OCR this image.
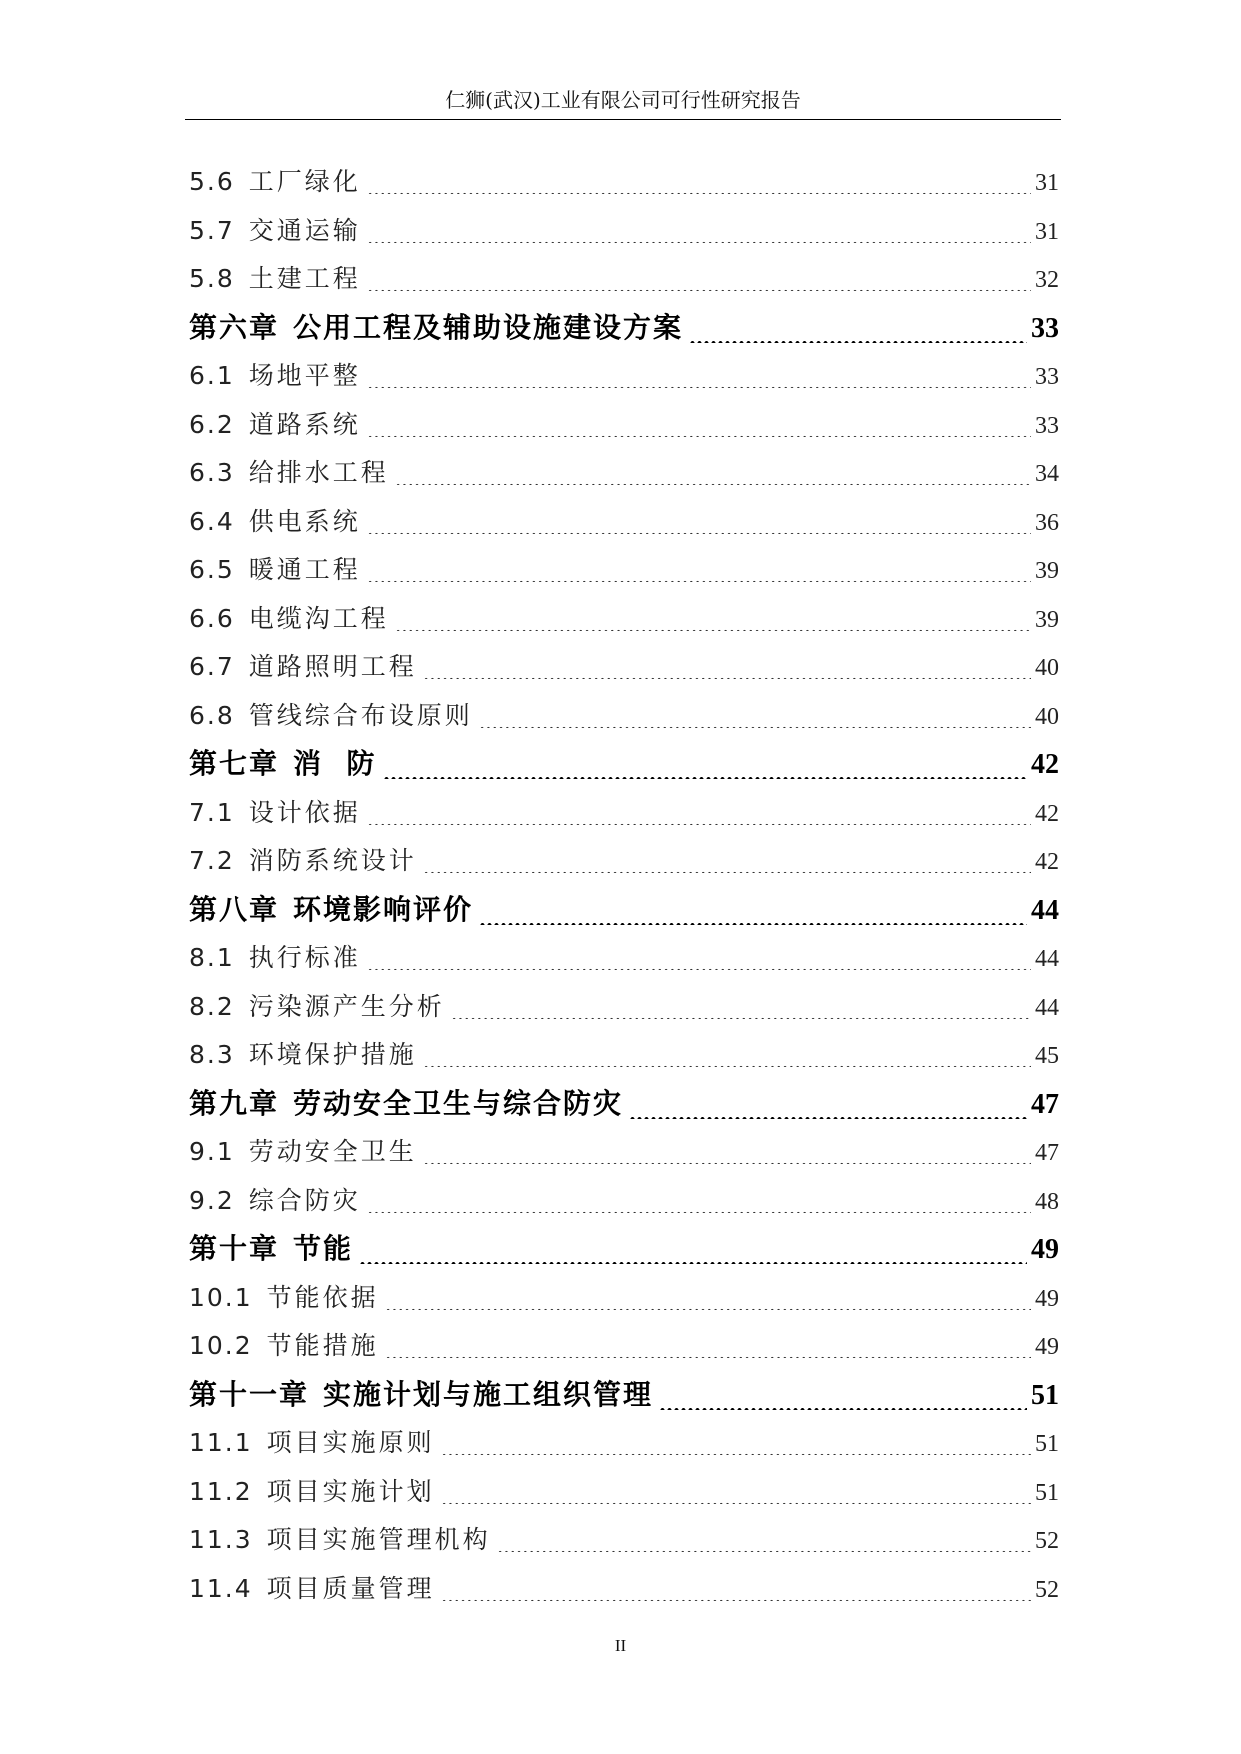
仁狮(武汉)工业有限公司可行性研究报告
5.6 工厂绿化	31
5.7 交通运输	31
5.8 土建工程	32
第六章 公用工程及辅助设施建设方案	33
6.1 场地平整	33
6.2 道路系统	33
6.3 给排水工程	34
6.4 供电系统	36
6.5 暖通工程	39
6.6 电缆沟工程	39
6.7 道路照明工程	40
6.8 管线综合布设原则	40
第七章 消  防	42
7.1 设计依据	42
7.2 消防系统设计	42
第八章 环境影响评价	44
8.1 执行标准	44
8.2 污染源产生分析	44
8.3 环境保护措施	45
第九章 劳动安全卫生与综合防灾	47
9.1 劳动安全卫生	47
9.2 综合防灾	48
第十章 节能	49
10.1 节能依据	49
10.2 节能措施	49
第十一章 实施计划与施工组织管理	51
11.1 项目实施原则	51
11.2 项目实施计划	51
11.3 项目实施管理机构	52
11.4 项目质量管理	52
II
